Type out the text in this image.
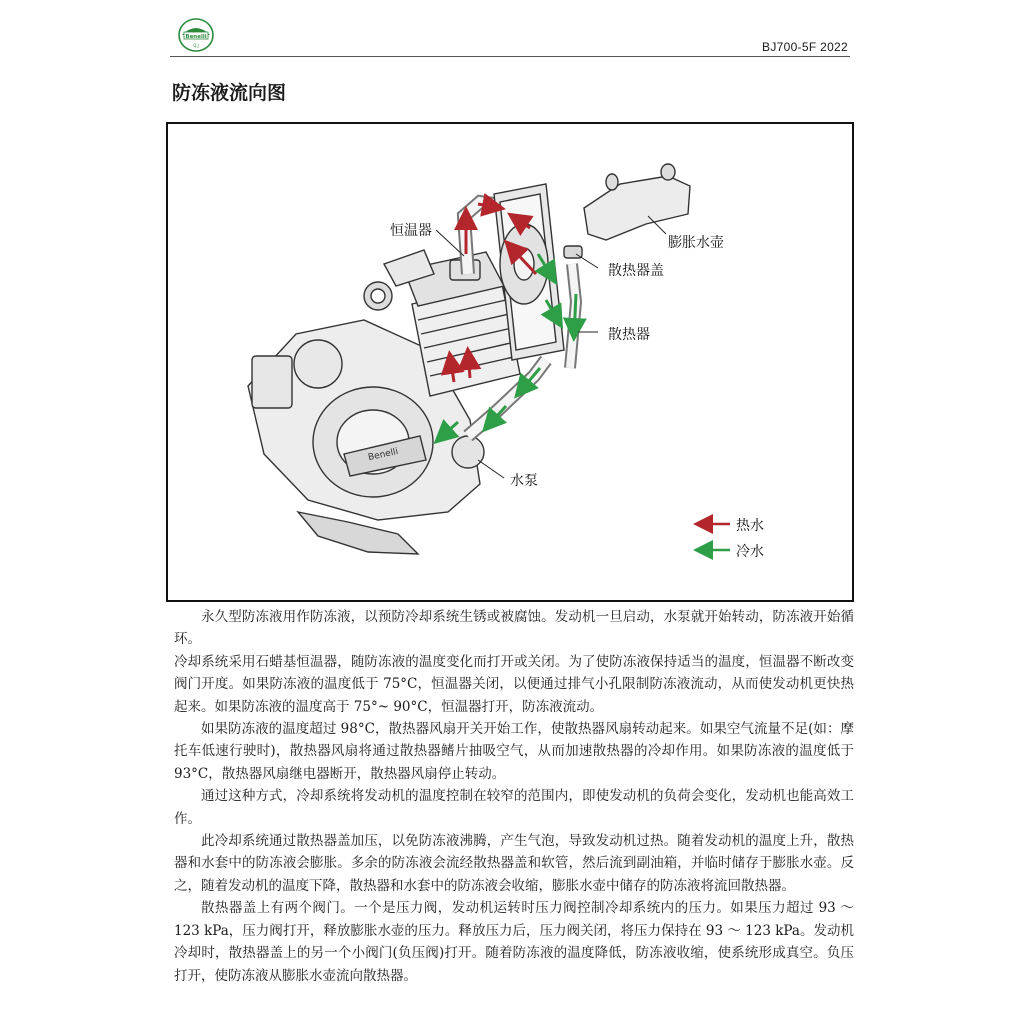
Benelli
Q.J	BJ700-5F 2022
防冻液流向图
恒温器
膨胀水壶
散热器盖
散热器
水泵
Benelli
热水
冷水

永久型防冻液用作防冻液，以预防冷却系统生锈或被腐蚀。发动机一旦启动，水泵就开始转动，防冻液开始循环。

冷却系统采用石蜡基恒温器，随防冻液的温度变化而打开或关闭。为了使防冻液保持适当的温度，恒温器不断改变阀门开度。如果防冻液的温度低于 75°C，恒温器关闭，以便通过排气小孔限制防冻液流动，从而使发动机更快热起来。如果防冻液的温度高于 75°~ 90°C，恒温器打开，防冻液流动。

如果防冻液的温度超过 98°C，散热器风扇开关开始工作，使散热器风扇转动起来。如果空气流量不足(如：摩托车低速行驶时)，散热器风扇将通过散热器鳍片抽吸空气，从而加速散热器的冷却作用。如果防冻液的温度低于 93°C，散热器风扇继电器断开，散热器风扇停止转动。

通过这种方式，冷却系统将发动机的温度控制在较窄的范围内，即使发动机的负荷会变化，发动机也能高效工作。

此冷却系统通过散热器盖加压，以免防冻液沸腾，产生气泡，导致发动机过热。随着发动机的温度上升，散热器和水套中的防冻液会膨胀。多余的防冻液会流经散热器盖和软管，然后流到副油箱，并临时储存于膨胀水壶。反之，随着发动机的温度下降，散热器和水套中的防冻液会收缩，膨胀水壶中储存的防冻液将流回散热器。

散热器盖上有两个阀门。一个是压力阀，发动机运转时压力阀控制冷却系统内的压力。如果压力超过 93 ～ 123 kPa，压力阀打开，释放膨胀水壶的压力。释放压力后，压力阀关闭，将压力保持在 93 ～ 123 kPa。发动机冷却时，散热器盖上的另一个小阀门(负压阀)打开。随着防冻液的温度降低，防冻液收缩，使系统形成真空。负压打开，使防冻液从膨胀水壶流向散热器。
